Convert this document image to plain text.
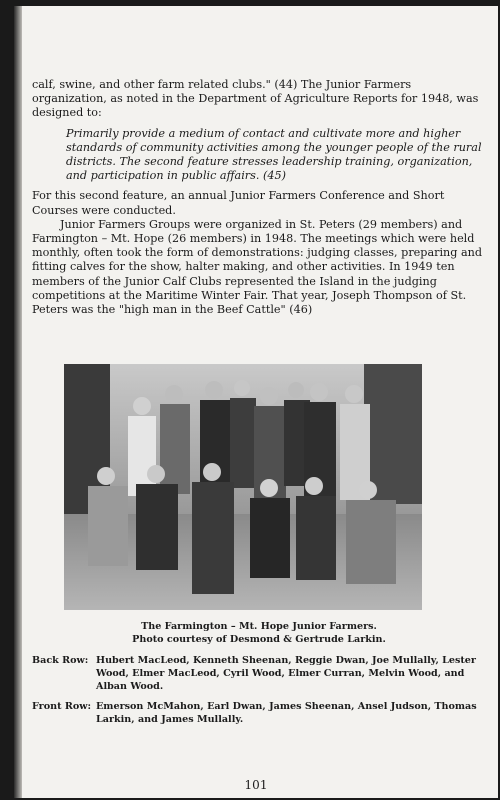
calf, swine, and other farm related clubs." (44) The Junior Farmers organization, as noted in the Department of Agriculture Reports for 1948, was designed to:

Primarily provide a medium of contact and cultivate more and higher standards of community activities among the younger people of the rural districts. The second feature stresses leadership training, organization, and participation in public affairs. (45)

For this second feature, an annual Junior Farmers Conference and Short Courses were conducted.

Junior Farmers Groups were organized in St. Peters (29 members) and Farmington – Mt. Hope (26 members) in 1948. The meetings which were held monthly, often took the form of demonstrations: judging classes, preparing and fitting calves for the show, halter making, and other activities. In 1949 ten members of the Junior Calf Clubs represented the Island in the judging competitions at the Maritime Winter Fair. That year, Joseph Thompson of St. Peters was the "high man in the Beef Cattle" (46)

The Farmington – Mt. Hope Junior Farmers.
Photo courtesy of Desmond & Gertrude Larkin.
Back Row: Hubert MacLeod, Kenneth Sheenan, Reggie Dwan, Joe Mullally, Lester Wood, Elmer MacLeod, Cyril Wood, Elmer Curran, Melvin Wood, and Alban Wood.
Front Row: Emerson McMahon, Earl Dwan, James Sheenan, Ansel Judson, Thomas Larkin, and James Mullally.
101
